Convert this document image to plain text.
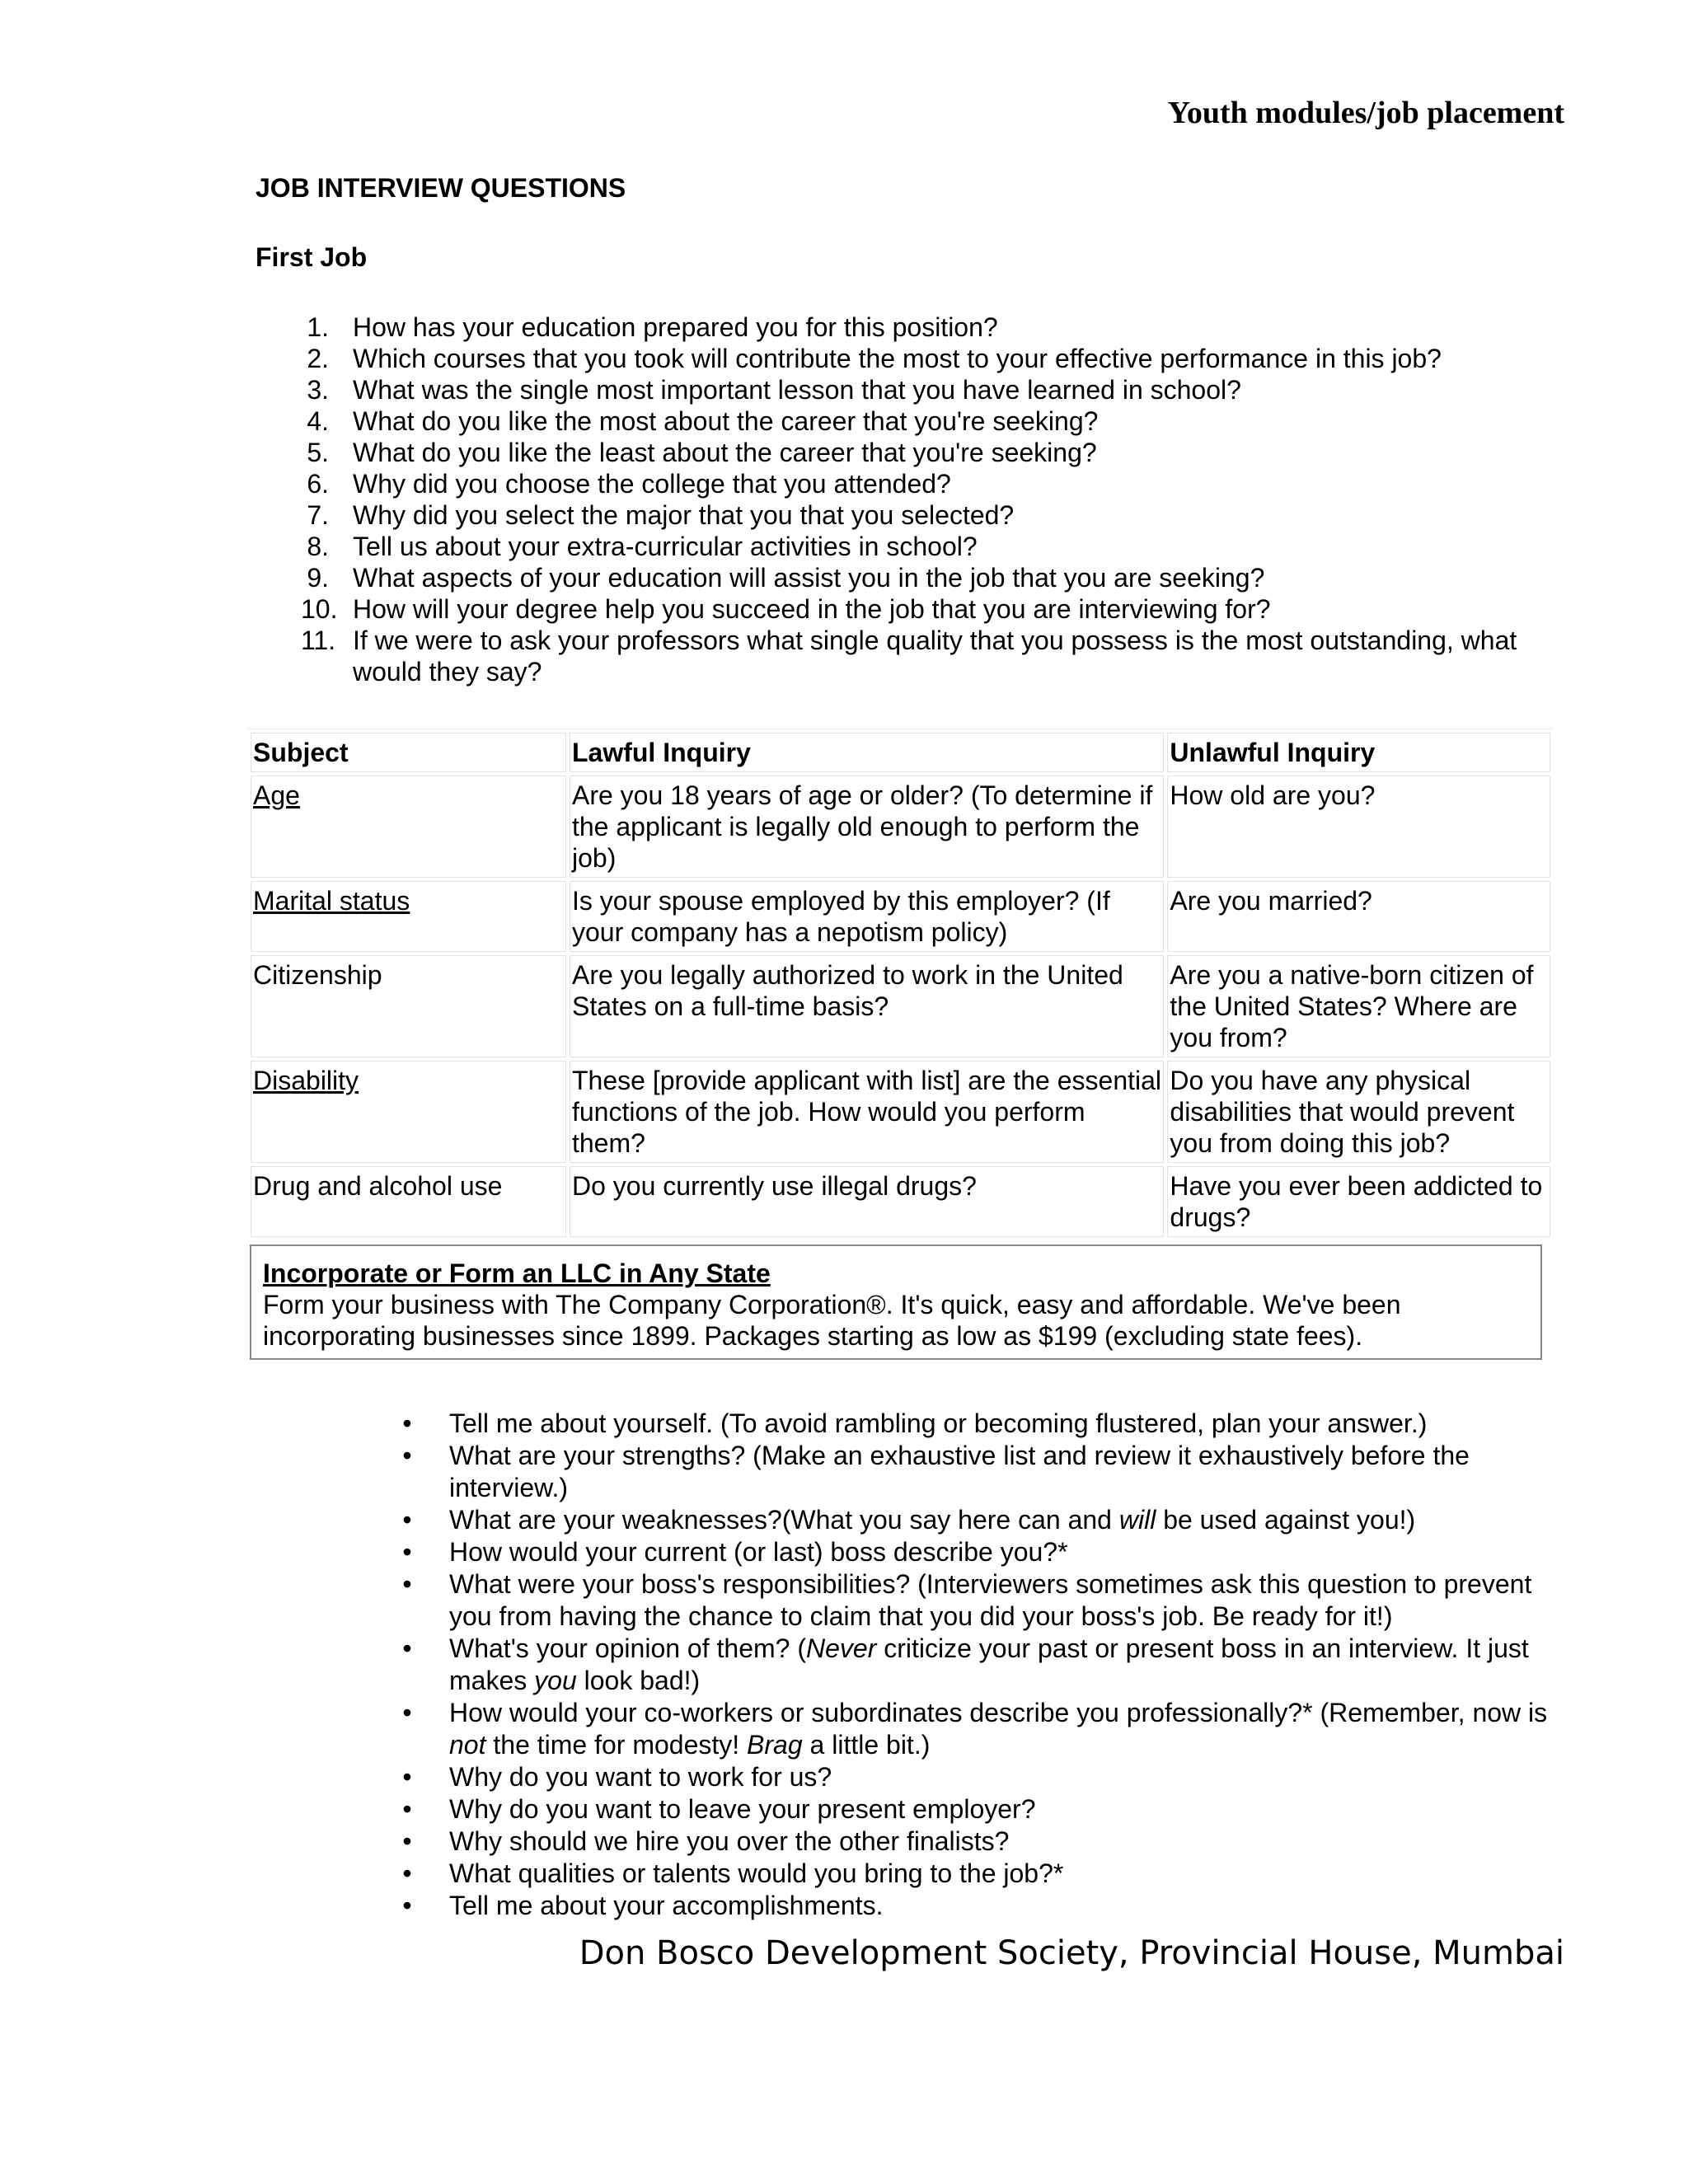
Youth modules/job placement
JOB INTERVIEW QUESTIONS
First Job
1. How has your education prepared you for this position?
2. Which courses that you took will contribute the most to your effective performance in this job?
3. What was the single most important lesson that you have learned in school?
4. What do you like the most about the career that you're seeking?
5. What do you like the least about the career that you're seeking?
6. Why did you choose the college that you attended?
7. Why did you select the major that you that you selected?
8. Tell us about your extra-curricular activities in school?
9. What aspects of your education will assist you in the job that you are seeking?
10. How will your degree help you succeed in the job that you are interviewing for?
11. If we were to ask your professors what single quality that you possess is the most outstanding, what would they say?
Subject	Lawful Inquiry	Unlawful Inquiry
Age	Are you 18 years of age or older? (To determine if the applicant is legally old enough to perform the job)	How old are you?
Marital status	Is your spouse employed by this employer? (If your company has a nepotism policy)	Are you married?
Citizenship	Are you legally authorized to work in the United States on a full-time basis?	Are you a native-born citizen of the United States? Where are you from?
Disability	These [provide applicant with list] are the essential functions of the job. How would you perform them?	Do you have any physical disabilities that would prevent you from doing this job?
Drug and alcohol use	Do you currently use illegal drugs?	Have you ever been addicted to drugs?
Incorporate or Form an LLC in Any State
Form your business with The Company Corporation®. It's quick, easy and affordable. We've been incorporating businesses since 1899. Packages starting as low as $199 (excluding state fees).
• Tell me about yourself. (To avoid rambling or becoming flustered, plan your answer.)
• What are your strengths? (Make an exhaustive list and review it exhaustively before the interview.)
• What are your weaknesses?(What you say here can and will be used against you!)
• How would your current (or last) boss describe you?*
• What were your boss's responsibilities? (Interviewers sometimes ask this question to prevent you from having the chance to claim that you did your boss's job. Be ready for it!)
• What's your opinion of them? (Never criticize your past or present boss in an interview. It just makes you look bad!)
• How would your co-workers or subordinates describe you professionally?* (Remember, now is not the time for modesty! Brag a little bit.)
• Why do you want to work for us?
• Why do you want to leave your present employer?
• Why should we hire you over the other finalists?
• What qualities or talents would you bring to the job?*
• Tell me about your accomplishments.
Don Bosco Development Society, Provincial House, Mumbai
